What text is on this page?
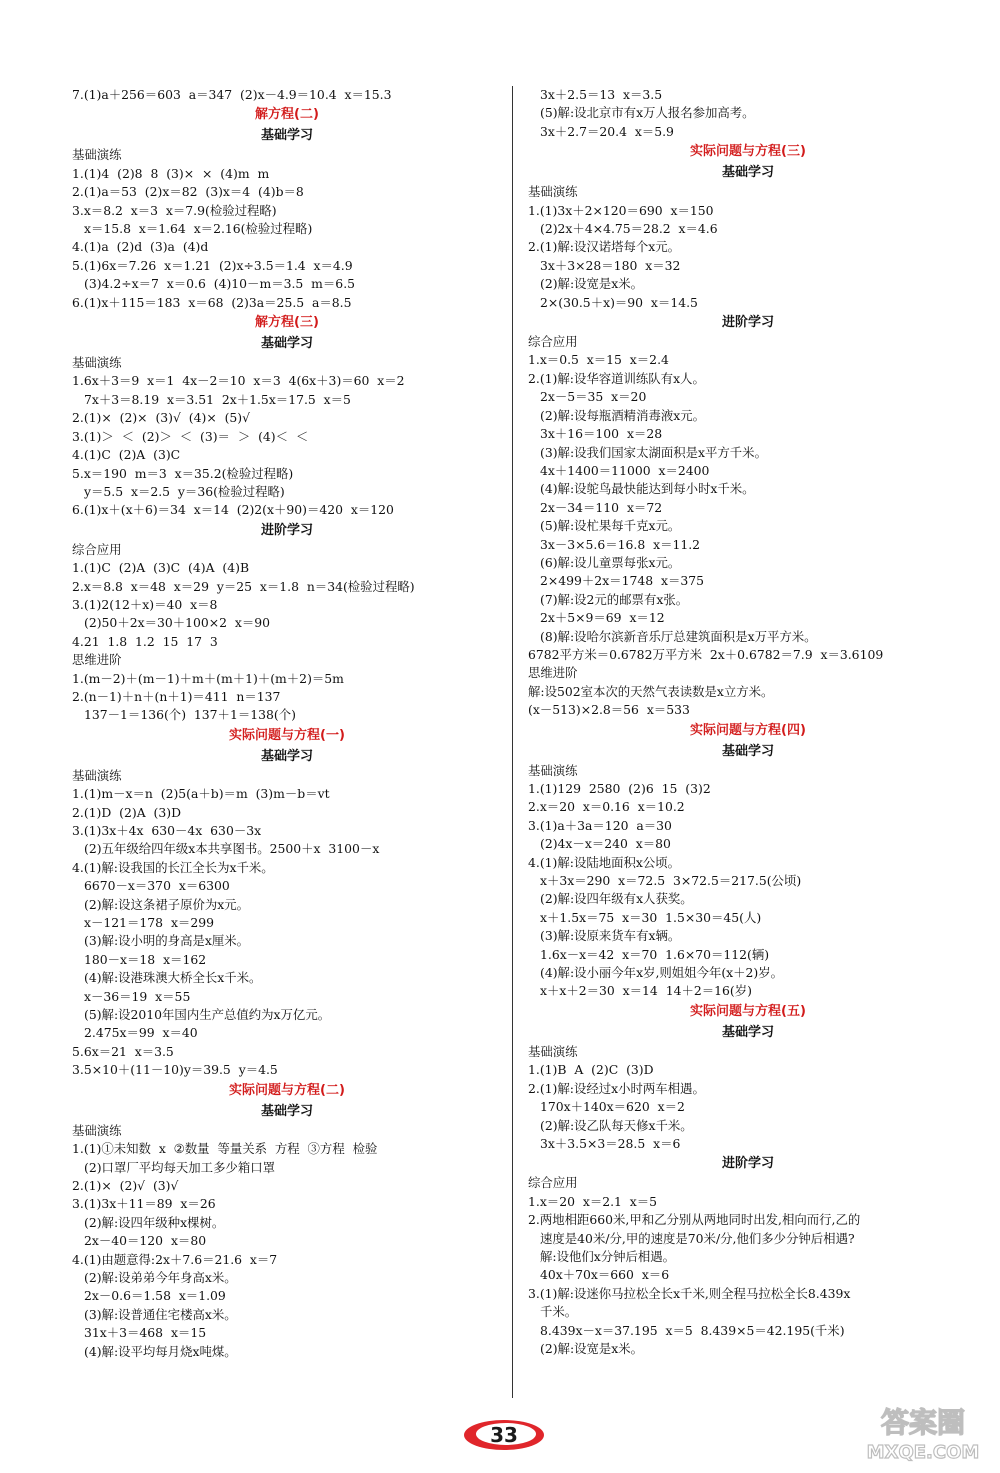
7.(1)a＋256＝603  a＝347  (2)x－4.9＝10.4  x＝15.3
解方程(二)
基础学习
基础演练
1.(1)4  (2)8  8  (3)×  ×  (4)m  m
2.(1)a＝53  (2)x＝82  (3)x＝4  (4)b＝8
3.x＝8.2  x＝3  x＝7.9(检验过程略)
x＝15.8  x＝1.64  x＝2.16(检验过程略)
4.(1)a  (2)d  (3)a  (4)d
5.(1)6x＝7.26  x＝1.21  (2)x÷3.5＝1.4  x＝4.9
(3)4.2÷x＝7  x＝0.6  (4)10－m＝3.5  m＝6.5
6.(1)x＋115＝183  x＝68  (2)3a＝25.5  a＝8.5
解方程(三)
基础学习
基础演练
1.6x＋3＝9  x＝1  4x－2＝10  x＝3  4(6x＋3)＝60  x＝2
7x＋3＝8.19  x＝3.51  2x＋1.5x＝17.5  x＝5
2.(1)×  (2)×  (3)√  (4)×  (5)√
3.(1)＞  ＜  (2)＞  ＜  (3)＝  ＞  (4)＜  ＜
4.(1)C  (2)A  (3)C
5.x＝190  m＝3  x＝35.2(检验过程略)
y＝5.5  x＝2.5  y＝36(检验过程略)
6.(1)x＋(x＋6)＝34  x＝14  (2)2(x＋90)＝420  x＝120
进阶学习
综合应用
1.(1)C  (2)A  (3)C  (4)A  (4)B
2.x＝8.8  x＝48  x＝29  y＝25  x＝1.8  n＝34(检验过程略)
3.(1)2(12＋x)＝40  x＝8
(2)50＋2x＝30＋100×2  x＝90
4.21  1.8  1.2  15  17  3
思维进阶
1.(m－2)＋(m－1)＋m＋(m＋1)＋(m＋2)＝5m
2.(n－1)＋n＋(n＋1)＝411  n＝137
137－1＝136(个)  137＋1＝138(个)
实际问题与方程(一)
基础学习
基础演练
1.(1)m－x＝n  (2)5(a＋b)＝m  (3)m－b＝vt
2.(1)D  (2)A  (3)D
3.(1)3x＋4x  630－4x  630－3x
(2)五年级给四年级x本共享图书。2500＋x  3100－x
4.(1)解:设我国的长江全长为x千米。
6670－x＝370  x＝6300
(2)解:设这条裙子原价为x元。
x－121＝178  x＝299
(3)解:设小明的身高是x厘米。
180－x＝18  x＝162
(4)解:设港珠澳大桥全长x千米。
x－36＝19  x＝55
(5)解:设2010年国内生产总值约为x万亿元。
2.475x＝99  x＝40
5.6x＝21  x＝3.5
3.5×10＋(11－10)y＝39.5  y＝4.5
实际问题与方程(二)
基础学习
基础演练
1.(1)①未知数  x  ②数量  等量关系  方程  ③方程  检验
(2)口罩厂平均每天加工多少箱口罩
2.(1)×  (2)√  (3)√
3.(1)3x＋11＝89  x＝26
(2)解:设四年级种x棵树。
2x－40＝120  x＝80
4.(1)由题意得:2x＋7.6＝21.6  x＝7
(2)解:设弟弟今年身高x米。
2x－0.6＝1.58  x＝1.09
(3)解:设普通住宅楼高x米。
31x＋3＝468  x＝15
(4)解:设平均每月烧x吨煤。
3x＋2.5＝13  x＝3.5
(5)解:设北京市有x万人报名参加高考。
3x＋2.7＝20.4  x＝5.9
实际问题与方程(三)
基础学习
基础演练
1.(1)3x＋2×120＝690  x＝150
(2)2x＋4×4.75＝28.2  x＝4.6
2.(1)解:设汉诺塔每个x元。
3x＋3×28＝180  x＝32
(2)解:设宽是x米。
2×(30.5＋x)＝90  x＝14.5
进阶学习
综合应用
1.x＝0.5  x＝15  x＝2.4
2.(1)解:设华容道训练队有x人。
2x－5＝35  x＝20
(2)解:设每瓶酒精消毒液x元。
3x＋16＝100  x＝28
(3)解:设我们国家太湖面积是x平方千米。
4x＋1400＝11000  x＝2400
(4)解:设鸵鸟最快能达到每小时x千米。
2x－34＝110  x＝72
(5)解:设杧果每千克x元。
3x－3×5.6＝16.8  x＝11.2
(6)解:设儿童票每张x元。
2×499＋2x＝1748  x＝375
(7)解:设2元的邮票有x张。
2x＋5×9＝69  x＝12
(8)解:设哈尔滨新音乐厅总建筑面积是x万平方米。
6782平方米＝0.6782万平方米  2x＋0.6782＝7.9  x＝3.6109
思维进阶
解:设502室本次的天然气表读数是x立方米。
(x－513)×2.8＝56  x＝533
实际问题与方程(四)
基础学习
基础演练
1.(1)129  2580  (2)6  15  (3)2
2.x＝20  x＝0.16  x＝10.2
3.(1)a＋3a＝120  a＝30
(2)4x－x＝240  x＝80
4.(1)解:设陆地面积x公顷。
x＋3x＝290  x＝72.5  3×72.5＝217.5(公顷)
(2)解:设四年级有x人获奖。
x＋1.5x＝75  x＝30  1.5×30＝45(人)
(3)解:设原来货车有x辆。
1.6x－x＝42  x＝70  1.6×70＝112(辆)
(4)解:设小丽今年x岁,则姐姐今年(x＋2)岁。
x＋x＋2＝30  x＝14  14＋2＝16(岁)
实际问题与方程(五)
基础学习
基础演练
1.(1)B  A  (2)C  (3)D
2.(1)解:设经过x小时两车相遇。
170x＋140x＝620  x＝2
(2)解:设乙队每天修x千米。
3x＋3.5×3＝28.5  x＝6
进阶学习
综合应用
1.x＝20  x＝2.1  x＝5
2.两地相距660米,甲和乙分别从两地同时出发,相向而行,乙的
速度是40米/分,甲的速度是70米/分,他们多少分钟后相遇?
解:设他们x分钟后相遇。
40x＋70x＝660  x＝6
3.(1)解:设迷你马拉松全长x千米,则全程马拉松全长8.439x
千米。
8.439x－x＝37.195  x＝5  8.439×5＝42.195(千米)
(2)解:设宽是x米。
33	答案圈
MXQE.COM
